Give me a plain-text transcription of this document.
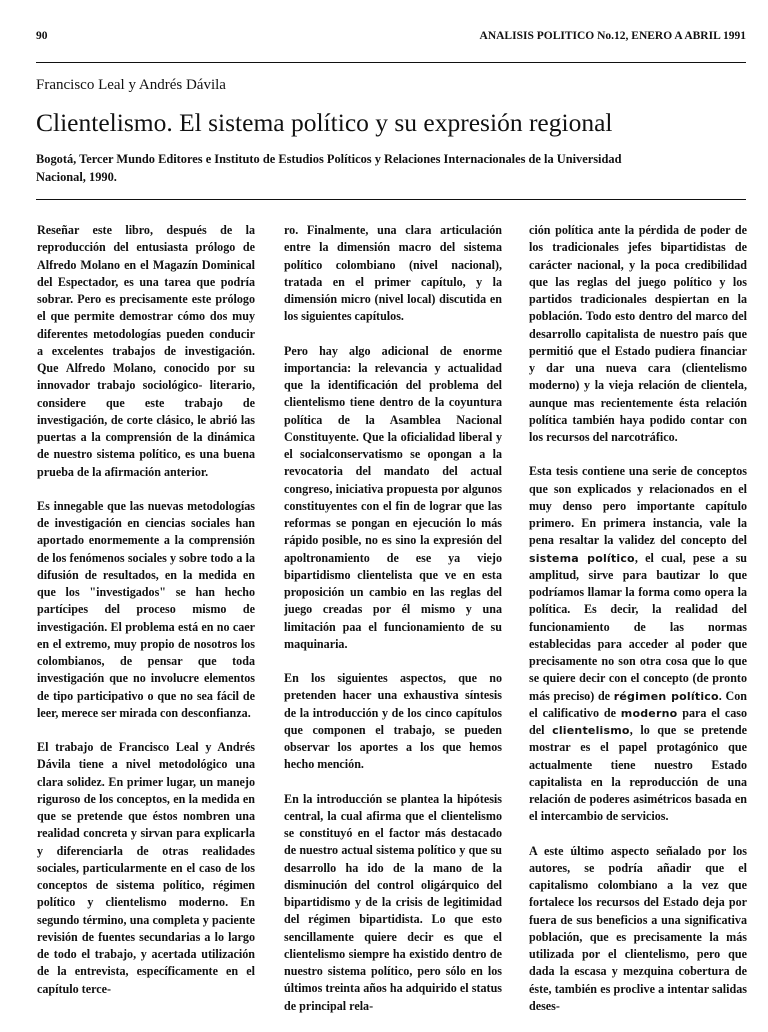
90	ANALISIS POLITICO No.12, ENERO A ABRIL 1991
Francisco Leal y Andrés Dávila
Clientelismo. El sistema político y su expresión regional
Bogotá, Tercer Mundo Editores e Instituto de Estudios Políticos y Relaciones Internacionales de la Universidad Nacional, 1990.

Reseñar este libro, después de la reproducción del entusiasta prólogo de Alfredo Molano en el Magazín Dominical del Espectador, es una tarea que podría sobrar. Pero es precisamente este prólogo el que permite demostrar cómo dos muy diferentes metodologías pueden conducir a excelentes trabajos de investigación. Que Alfredo Molano, conocido por su innovador trabajo sociológico- literario, considere que este trabajo de investigación, de corte clásico, le abrió las puertas a la comprensión de la dinámica de nuestro sistema político, es una buena prueba de la afirmación anterior.

Es innegable que las nuevas metodologías de investigación en ciencias sociales han aportado enormemente a la comprensión de los fenómenos sociales y sobre todo a la difusión de resultados, en la medida en que los "investigados" se han hecho partícipes del proceso mismo de investigación. El problema está en no caer en el extremo, muy propio de nosotros los colombianos, de pensar que toda investigación que no involucre elementos de tipo participativo o que no sea fácil de leer, merece ser mirada con desconfianza.

El trabajo de Francisco Leal y Andrés Dávila tiene a nivel metodológico una clara solidez. En primer lugar, un manejo riguroso de los conceptos, en la medida en que se pretende que éstos nombren una realidad concreta y sirvan para explicarla y diferenciarla de otras realidades sociales, particularmente en el caso de los conceptos de sistema político, régimen político y clientelismo moderno. En segundo término, una completa y paciente revisión de fuentes secundarias a lo largo de todo el trabajo, y acertada utilización de la entrevista, específicamente en el capítulo terce-

ro. Finalmente, una clara articulación entre la dimensión macro del sistema político colombiano (nivel nacional), tratada en el primer capítulo, y la dimensión micro (nivel local) discutida en los siguientes capítulos.

Pero hay algo adicional de enorme importancia: la relevancia y actualidad que la identificación del problema del clientelismo tiene dentro de la coyuntura política de la Asamblea Nacional Constituyente. Que la oficialidad liberal y el socialconservatismo se opongan a la revocatoria del mandato del actual congreso, iniciativa propuesta por algunos constituyentes con el fin de lograr que las reformas se pongan en ejecución lo más rápido posible, no es sino la expresión del apoltronamiento de ese ya viejo bipartidismo clientelista que ve en esta proposición un cambio en las reglas del juego creadas por él mismo y una limitación paa el funcionamiento de su maquinaria.

En los siguientes aspectos, que no pretenden hacer una exhaustiva síntesis de la introducción y de los cinco capítulos que componen el trabajo, se pueden observar los aportes a los que hemos hecho mención.

En la introducción se plantea la hipótesis central, la cual afirma que el clientelismo se constituyó en el factor más destacado de nuestro actual sistema político y que su desarrollo ha ido de la mano de la disminución del control oligárquico del bipartidismo y de la crisis de legitimidad del régimen bipartidista. Lo que esto sencillamente quiere decir es que el clientelismo siempre ha existido dentro de nuestro sistema político, pero sólo en los últimos treinta años ha adquirido el status de principal rela-

ción política ante la pérdida de poder de los tradicionales jefes bipartidistas de carácter nacional, y la poca credibilidad que las reglas del juego político y los partidos tradicionales despiertan en la población. Todo esto dentro del marco del desarrollo capitalista de nuestro país que permitió que el Estado pudiera financiar y dar una nueva cara (clientelismo moderno) y la vieja relación de clientela, aunque mas recientemente ésta relación política también haya podido contar con los recursos del narcotráfico.

Esta tesis contiene una serie de conceptos que son explicados y relacionados en el muy denso pero importante capítulo primero. En primera instancia, vale la pena resaltar la validez del concepto del sistema político, el cual, pese a su amplitud, sirve para bautizar lo que podríamos llamar la forma como opera la política. Es decir, la realidad del funcionamiento de las normas establecidas para acceder al poder que precisamente no son otra cosa que lo que se quiere decir con el concepto (de pronto más preciso) de régimen político. Con el calificativo de moderno para el caso del clientelismo, lo que se pretende mostrar es el papel protagónico que actualmente tiene nuestro Estado capitalista en la reproducción de una relación de poderes asimétricos basada en el intercambio de servicios.

A este último aspecto señalado por los autores, se podría añadir que el capitalismo colombiano a la vez que fortalece los recursos del Estado deja por fuera de sus beneficios a una significativa población, que es precisamente la más utilizada por el clientelismo, pero que dada la escasa y mezquina cobertura de éste, también es proclive a intentar salidas deses-
